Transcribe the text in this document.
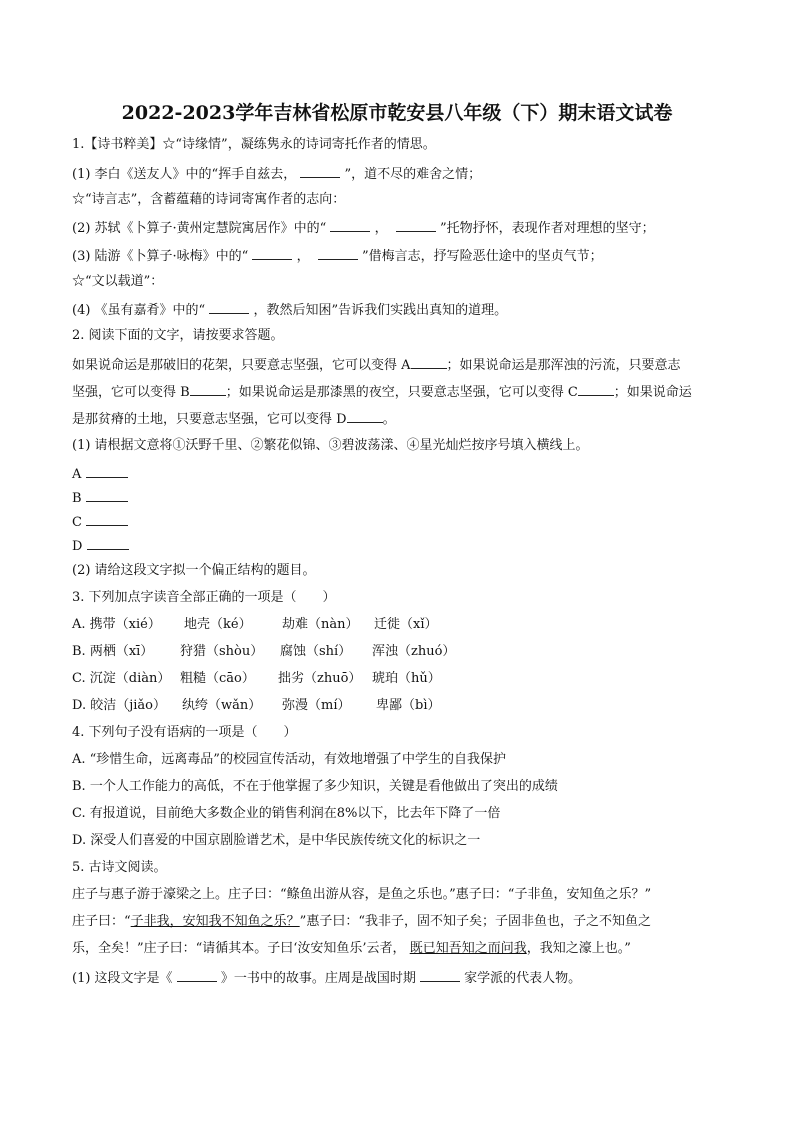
2022-2023学年吉林省松原市乾安县八年级（下）期末语文试卷
1.【诗书粹美】☆“诗缘情”，凝练隽永的诗词寄托作者的情思。
(1) 李白《送友人》中的“挥手自兹去，	”，道不尽的难舍之情；
☆“诗言志”，含蓄蕴藉的诗词寄寓作者的志向：
(2) 苏轼《卜算子·黄州定慧院寓居作》中的“	，	”托物抒怀，表现作者对理想的坚守；
(3) 陆游《卜算子·咏梅》中的“	，	”借梅言志，抒写险恶仕途中的坚贞气节；
☆“文以载道”：
(4) 《虽有嘉肴》中的“	，教然后知困”告诉我们实践出真知的道理。
2. 阅读下面的文字，请按要求答题。
如果说命运是那破旧的花架，只要意志坚强，它可以变得 A	；如果说命运是那浑浊的污流，只要意志
坚强，它可以变得 B	；如果说命运是那漆黑的夜空，只要意志坚强，它可以变得 C	；如果说命运
是那贫瘠的土地，只要意志坚强，它可以变得 D	。
(1) 请根据文意将①沃野千里、②繁花似锦、③碧波荡漾、④星光灿烂按序号填入横线上。
A
B
C
D
(2) 请给这段文字拟一个偏正结构的题目。
3. 下列加点字读音全部正确的一项是（　　）
A. 携带（xié） 地壳（ké） 劫难（nàn） 迁徙（xǐ）
B. 两栖（xī） 狩猎（shòu） 腐蚀（shí） 浑浊（zhuó）
C. 沉淀（diàn） 粗糙（cāo） 拙劣（zhuō） 琥珀（hǔ）
D. 皎洁（jiǎo） 纨绔（wǎn） 弥漫（mí） 卑鄙（bì）
4. 下列句子没有语病的一项是（　　）
A. “珍惜生命，远离毒品”的校园宣传活动，有效地增强了中学生的自我保护
B. 一个人工作能力的高低，不在于他掌握了多少知识，关键是看他做出了突出的成绩
C. 有报道说，目前绝大多数企业的销售利润在8%以下，比去年下降了一倍
D. 深受人们喜爱的中国京剧脸谱艺术，是中华民族传统文化的标识之一
5. 古诗文阅读。
庄子与惠子游于濠梁之上。庄子曰：“鲦鱼出游从容，是鱼之乐也。”惠子曰：“子非鱼，安知鱼之乐？”
庄子曰：“子非我，安知我不知鱼之乐？”惠子曰：“我非子，固不知子矣；子固非鱼也，子之不知鱼之
乐，全矣！”庄子曰：“请循其本。子曰‘汝安知鱼乐’云者， 既已知吾知之而问我，我知之濠上也。”
(1) 这段文字是《	》一书中的故事。庄周是战国时期	家学派的代表人物。
